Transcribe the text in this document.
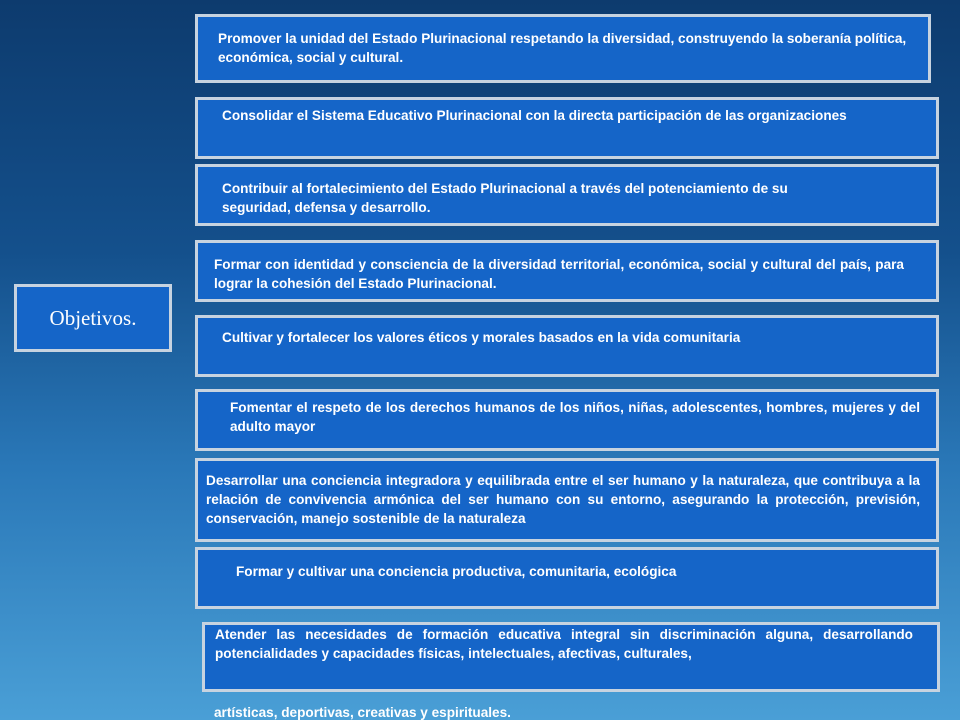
Objetivos.

Promover la unidad del Estado Plurinacional respetando la diversidad, construyendo la soberanía política, económica, social y cultural.

Consolidar el Sistema Educativo Plurinacional con la directa participación de las organizaciones

Contribuir al fortalecimiento del Estado Plurinacional a través del potenciamiento de su seguridad, defensa y desarrollo.

Formar con identidad y consciencia de la diversidad territorial, económica, social y cultural del país, para lograr la cohesión del Estado Plurinacional.

Cultivar y fortalecer los valores éticos y morales basados en la vida comunitaria

Fomentar el respeto de los derechos humanos de los niños, niñas, adolescentes, hombres, mujeres y del adulto mayor

Desarrollar una conciencia integradora y equilibrada entre el ser humano y la naturaleza, que contribuya a la relación de convivencia armónica del ser humano con su entorno, asegurando la protección, previsión, conservación, manejo sostenible de la naturaleza

Formar y cultivar una conciencia productiva, comunitaria, ecológica

Atender las necesidades de formación educativa integral sin discriminación alguna, desarrollando potencialidades y capacidades físicas, intelectuales, afectivas, culturales,

artísticas, deportivas, creativas y espirituales.
